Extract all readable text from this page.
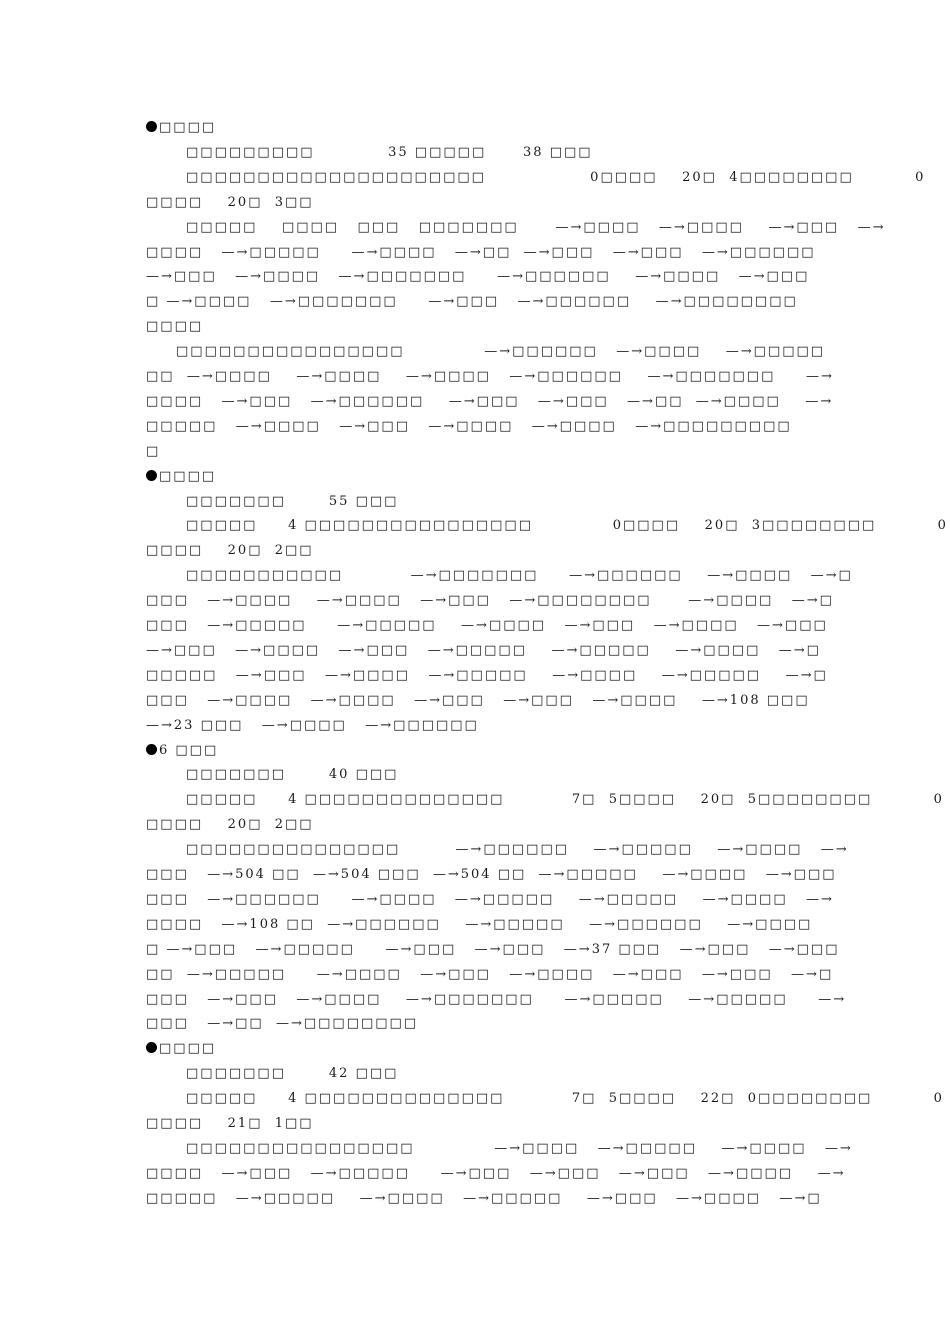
□□□□
□□□□□□□□□            35 □□□□□      38 □□□
□□□□□□□□□□□□□□□□□□□□□                 0□□□□    20□  4□□□□□□□□          0
□□□□    20□  3□□
□□□□□    □□□□   □□□   □□□□□□□      —→□□□□   —→□□□□    —→□□□   —→
□□□□   —→□□□□□     —→□□□□   —→□□  —→□□□   —→□□□   —→□□□□□□
—→□□□   —→□□□□   —→□□□□□□□     —→□□□□□□    —→□□□□   —→□□□
□ —→□□□□   —→□□□□□□□     —→□□□   —→□□□□□□    —→□□□□□□□□
□□□□
□□□□□□□□□□□□□□□□             —→□□□□□□   —→□□□□    —→□□□□□
□□  —→□□□□    —→□□□□    —→□□□□   —→□□□□□□    —→□□□□□□□     —→
□□□□   —→□□□   —→□□□□□□    —→□□□   —→□□□   —→□□  —→□□□□    —→
□□□□□   —→□□□□   —→□□□   —→□□□□   —→□□□□   —→□□□□□□□□□
□
□□□□
□□□□□□□       55 □□□
□□□□□     4 □□□□□□□□□□□□□□□□             0□□□□    20□  3□□□□□□□□          0
□□□□    20□  2□□
□□□□□□□□□□□           —→□□□□□□□     —→□□□□□□    —→□□□□   —→□
□□□   —→□□□□    —→□□□□   —→□□□   —→□□□□□□□□      —→□□□□   —→□
□□□   —→□□□□□     —→□□□□□    —→□□□□   —→□□□   —→□□□□   —→□□□
—→□□□   —→□□□□   —→□□□   —→□□□□□    —→□□□□□    —→□□□□   —→□
□□□□□   —→□□□   —→□□□□   —→□□□□□    —→□□□□    —→□□□□□    —→□
□□□   —→□□□□   —→□□□□   —→□□□   —→□□□   —→□□□□    —→108 □□□
—→23 □□□   —→□□□□   —→□□□□□□
6 □□□
□□□□□□□       40 □□□
□□□□□     4 □□□□□□□□□□□□□□           7□  5□□□□    20□  5□□□□□□□□          0
□□□□    20□  2□□
□□□□□□□□□□□□□□□         —→□□□□□□    —→□□□□□    —→□□□□   —→
□□□   —→504 □□  —→504 □□□  —→504 □□  —→□□□□□    —→□□□□   —→□□□
□□□   —→□□□□□□     —→□□□□   —→□□□□□    —→□□□□□    —→□□□□   —→
□□□□   —→108 □□  —→□□□□□□    —→□□□□□    —→□□□□□□    —→□□□□
□ —→□□□   —→□□□□□     —→□□□   —→□□□   —→37 □□□   —→□□□   —→□□□
□□  —→□□□□□     —→□□□□   —→□□□   —→□□□□   —→□□□   —→□□□   —→□
□□□   —→□□□   —→□□□□    —→□□□□□□□     —→□□□□□    —→□□□□□     —→
□□□   —→□□  —→□□□□□□□□
□□□□
□□□□□□□       42 □□□
□□□□□     4 □□□□□□□□□□□□□□           7□  5□□□□    22□  0□□□□□□□□          0
□□□□    21□  1□□
□□□□□□□□□□□□□□□□             —→□□□□   —→□□□□□    —→□□□□   —→
□□□□   —→□□□   —→□□□□□     —→□□□   —→□□□   —→□□□   —→□□□□    —→
□□□□□   —→□□□□□    —→□□□□   —→□□□□□    —→□□□   —→□□□□   —→□
